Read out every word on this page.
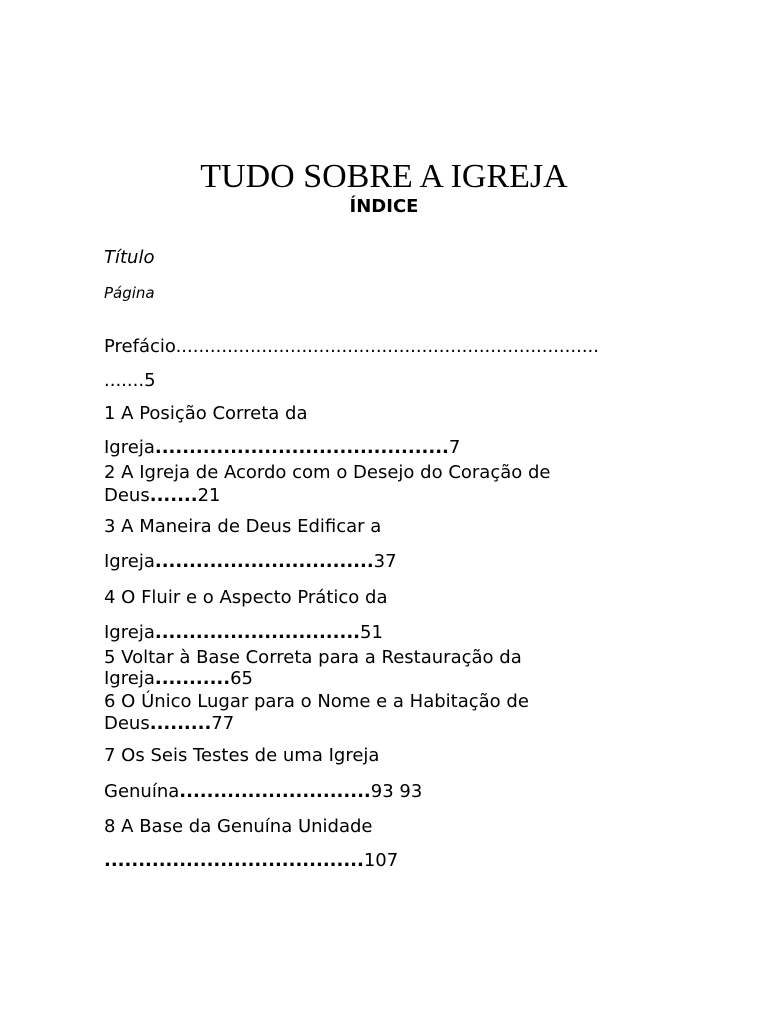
TUDO SOBRE A IGREJA
ÍNDICE
Título
Página
Prefácio..........................................................................
.......5
1 A Posição Correta da
Igreja...........................................7
2 A Igreja de Acordo com o Desejo do Coração de
Deus.......21
3 A Maneira de Deus Edificar a
Igreja................................37
4 O Fluir e o Aspecto Prático da
Igreja..............................51
5 Voltar à Base Correta para a Restauração da
Igreja...........65
6 O Único Lugar para o Nome e a Habitação de
Deus.........77
7 Os Seis Testes de uma Igreja
Genuína............................93 93
8 A Base da Genuína Unidade
......................................107
